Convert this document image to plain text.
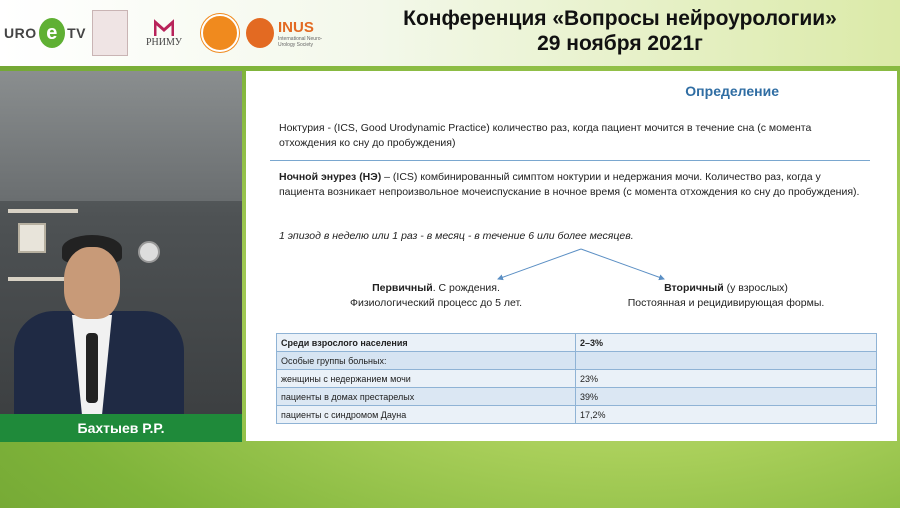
URO e TV
РНИМУ
INUS
International Neuro-Urology Society
Конференция «Вопросы нейроурологии»
29 ноября 2021г
Бахтыев Р.Р.
Определение
Ноктурия - (ICS, Good Urodynamic Practice) количество раз, когда пациент мочится в течение сна (с момента отхождения ко сну до пробуждения)
Ночной энурез (НЭ) – (ICS) комбинированный симптом ноктурии и недержания мочи. Количество раз, когда у пациента возникает непроизвольное мочеиспускание в ночное время (с момента отхождения ко сну до пробуждения).
1 эпизод в неделю или 1 раз - в месяц - в течение 6 или более месяцев.
Первичный. С рождения.
Физиологический процесс до 5 лет.
Вторичный (у взрослых)
Постоянная и рецидивирующая формы.
Среди взрослого населения	2–3%
Особые группы больных:	
женщины с недержанием мочи	23%
пациенты в домах престарелых	39%
пациенты с синдромом Дауна	17,2%
